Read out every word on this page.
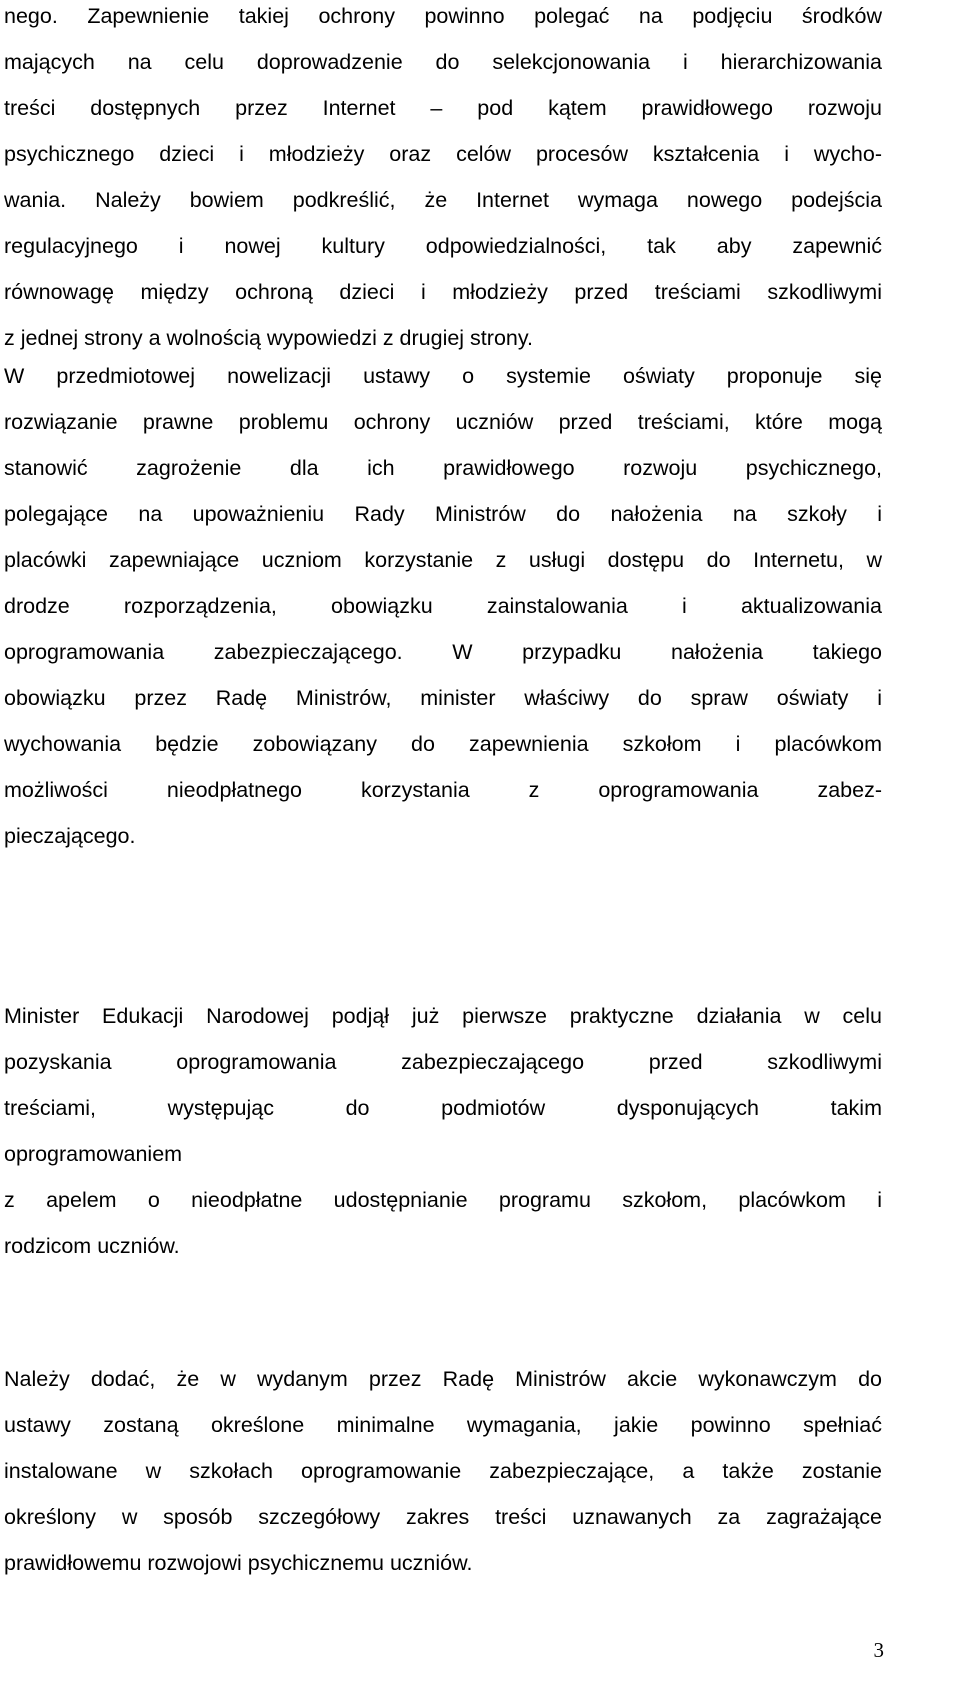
nego. Zapewnienie takiej ochrony powinno polegać na podjęciu środków
mających na celu doprowadzenie do selekcjonowania i hierarchizowania
treści dostępnych przez Internet – pod kątem prawidłowego rozwoju
psychicznego dzieci i młodzieży oraz celów procesów kształcenia i wycho-
wania. Należy bowiem podkreślić, że Internet wymaga nowego podejścia
regulacyjnego i nowej kultury odpowiedzialności, tak aby zapewnić
równowagę między ochroną dzieci i młodzieży przed treściami szkodliwymi
z jednej strony a wolnością wypowiedzi z drugiej strony.
W przedmiotowej nowelizacji ustawy o systemie oświaty proponuje się
rozwiązanie prawne problemu ochrony uczniów przed treściami, które mogą
stanowić zagrożenie dla ich prawidłowego rozwoju psychicznego,
polegające na upoważnieniu Rady Ministrów do nałożenia na szkoły i
placówki zapewniające uczniom korzystanie z usługi dostępu do Internetu, w
drodze rozporządzenia, obowiązku zainstalowania i aktualizowania
oprogramowania zabezpieczającego. W przypadku nałożenia takiego
obowiązku przez Radę Ministrów, minister właściwy do spraw oświaty i
wychowania będzie zobowiązany do zapewnienia szkołom i placówkom
możliwości nieodpłatnego korzystania z oprogramowania zabez-
pieczającego.
Minister Edukacji Narodowej podjął już pierwsze praktyczne działania w celu
pozyskania oprogramowania zabezpieczającego przed szkodliwymi
treściami, występując do podmiotów dysponujących takim
oprogramowaniem
z apelem o nieodpłatne udostępnianie programu szkołom, placówkom i
rodzicom uczniów.
Należy dodać, że w wydanym przez Radę Ministrów akcie wykonawczym do
ustawy zostaną określone minimalne wymagania, jakie powinno spełniać
instalowane w szkołach oprogramowanie zabezpieczające, a także zostanie
określony w sposób szczegółowy zakres treści uznawanych za zagrażające
prawidłowemu rozwojowi psychicznemu uczniów.
3
